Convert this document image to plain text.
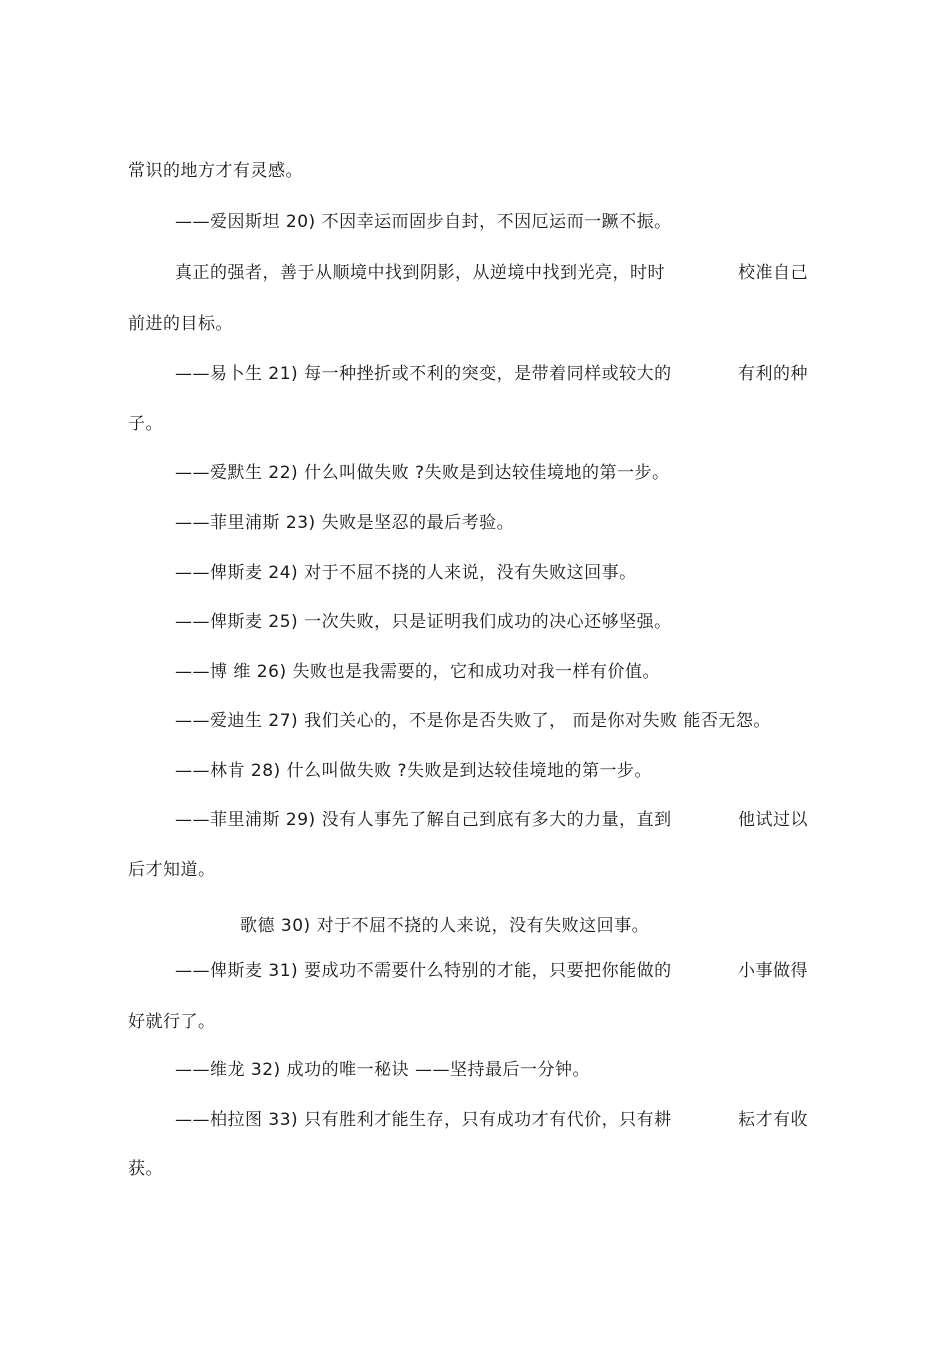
常识的地方才有灵感。
——爱因斯坦 20) 不因幸运而固步自封，不因厄运而一蹶不振。
真正的强者，善于从顺境中找到阴影，从逆境中找到光亮，时时	校准自己
前进的目标。
——易卜生 21) 每一种挫折或不利的突变，是带着同样或较大的	有利的种
子。
——爱默生 22) 什么叫做失败 ?失败是到达较佳境地的第一步。
——菲里浦斯 23) 失败是坚忍的最后考验。
——俾斯麦 24) 对于不屈不挠的人来说，没有失败这回事。
——俾斯麦 25) 一次失败，只是证明我们成功的决心还够坚强。
——博 维 26) 失败也是我需要的，它和成功对我一样有价值。
——爱迪生 27) 我们关心的，不是你是否失败了， 而是你对失败 能否无怨。
——林肯 28) 什么叫做失败 ?失败是到达较佳境地的第一步。
——菲里浦斯 29) 没有人事先了解自己到底有多大的力量，直到	他试过以
后才知道。
歌德 30) 对于不屈不挠的人来说，没有失败这回事。
——俾斯麦 31) 要成功不需要什么特别的才能，只要把你能做的	小事做得
好就行了。
——维龙 32) 成功的唯一秘诀 ——坚持最后一分钟。
——柏拉图 33) 只有胜利才能生存，只有成功才有代价，只有耕	耘才有收
获。
